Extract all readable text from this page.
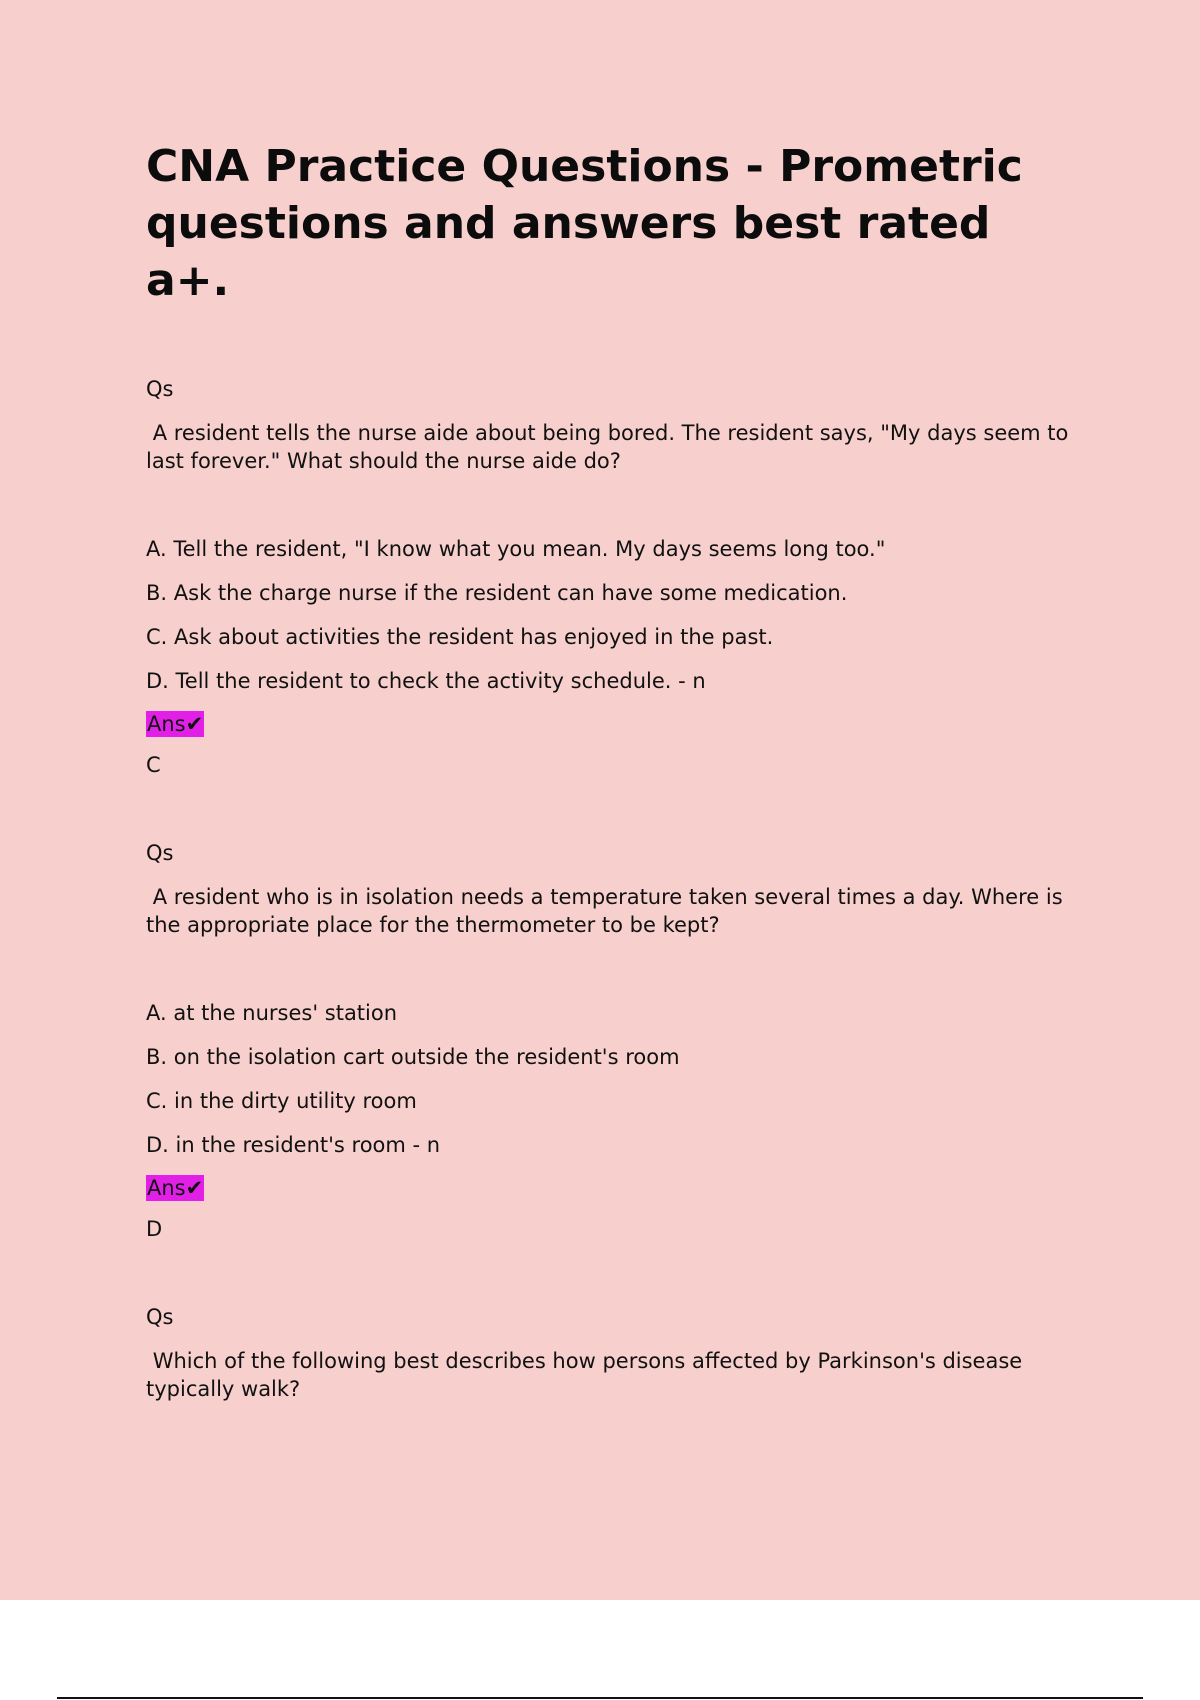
CNA Practice Questions - Prometric questions and answers best rated a+.

Qs

A resident tells the nurse aide about being bored. The resident says, "My days seem to last forever." What should the nurse aide do?

A. Tell the resident, "I know what you mean. My days seems long too."
B. Ask the charge nurse if the resident can have some medication.
C. Ask about activities the resident has enjoyed in the past.
D. Tell the resident to check the activity schedule. - n
Ans✔

C

Qs

A resident who is in isolation needs a temperature taken several times a day. Where is the appropriate place for the thermometer to be kept?

A. at the nurses' station
B. on the isolation cart outside the resident's room
C. in the dirty utility room
D. in the resident's room - n
Ans✔

D

Qs

Which of the following best describes how persons affected by Parkinson's disease typically walk?
